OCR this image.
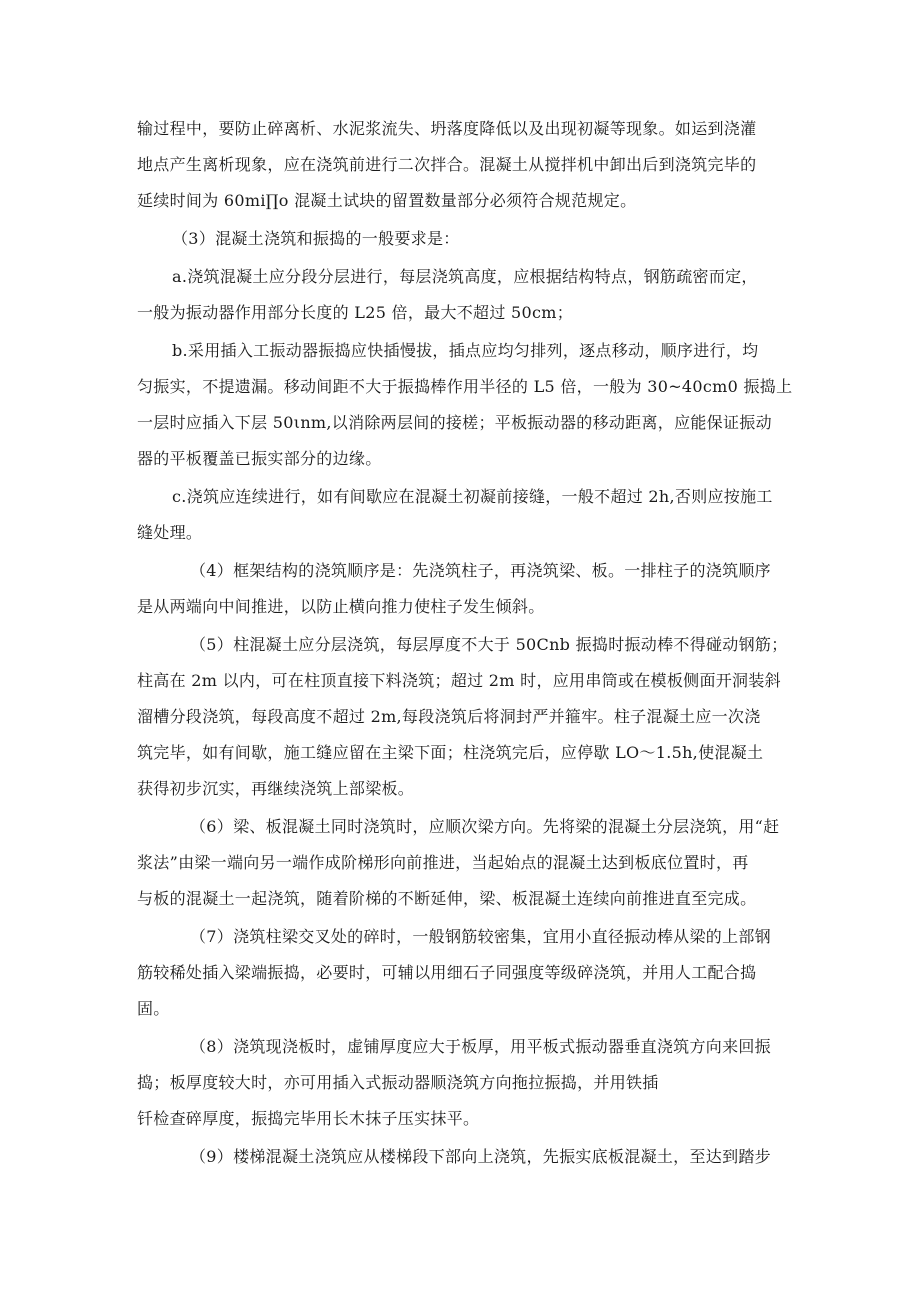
输过程中，要防止碎离析、水泥浆流失、坍落度降低以及出现初凝等现象。如运到浇灌
地点产生离析现象，应在浇筑前进行二次拌合。混凝土从搅拌机中卸出后到浇筑完毕的
延续时间为 60mi∏o 混凝土试块的留置数量部分必须符合规范规定。
（3）混凝土浇筑和振捣的一般要求是：
a.浇筑混凝土应分段分层进行，每层浇筑高度，应根据结构特点，钢筋疏密而定，
一般为振动器作用部分长度的 L25 倍，最大不超过 50cm；
b.采用插入工振动器振捣应快插慢拔，插点应均匀排列，逐点移动，顺序进行，均
匀振实，不提遗漏。移动间距不大于振捣棒作用半径的 L5 倍，一般为 30~40cm0 振捣上
一层时应插入下层 50ιnm,以消除两层间的接槎；平板振动器的移动距离，应能保证振动
器的平板覆盖已振实部分的边缘。
c.浇筑应连续进行，如有间歇应在混凝土初凝前接缝，一般不超过 2h,否则应按施工
缝处理。
（4）框架结构的浇筑顺序是：先浇筑柱子，再浇筑梁、板。一排柱子的浇筑顺序
是从两端向中间推进，以防止横向推力使柱子发生倾斜。
（5）柱混凝土应分层浇筑，每层厚度不大于 50Cnb 振捣时振动棒不得碰动钢筋；
柱高在 2m 以内，可在柱顶直接下料浇筑；超过 2m 时，应用串筒或在模板侧面开洞装斜
溜槽分段浇筑，每段高度不超过 2m,每段浇筑后将洞封严并箍牢。柱子混凝土应一次浇
筑完毕，如有间歇，施工缝应留在主梁下面；柱浇筑完后，应停歇 LO～1.5h,使混凝土
获得初步沉实，再继续浇筑上部梁板。
（6）梁、板混凝土同时浇筑时，应顺次梁方向。先将梁的混凝土分层浇筑，用“赶
浆法”由梁一端向另一端作成阶梯形向前推进，当起始点的混凝土达到板底位置时，再
与板的混凝土一起浇筑，随着阶梯的不断延伸，梁、板混凝土连续向前推进直至完成。
（7）浇筑柱梁交叉处的碎时，一般钢筋较密集，宜用小直径振动棒从梁的上部钢
筋较稀处插入梁端振捣，必要时，可辅以用细石子同强度等级碎浇筑，并用人工配合捣
固。
（8）浇筑现浇板时，虚铺厚度应大于板厚，用平板式振动器垂直浇筑方向来回振
捣；板厚度较大时，亦可用插入式振动器顺浇筑方向拖拉振捣，并用铁插
钎检查碎厚度，振捣完毕用长木抹子压实抹平。
（9）楼梯混凝土浇筑应从楼梯段下部向上浇筑，先振实底板混凝土，至达到踏步
